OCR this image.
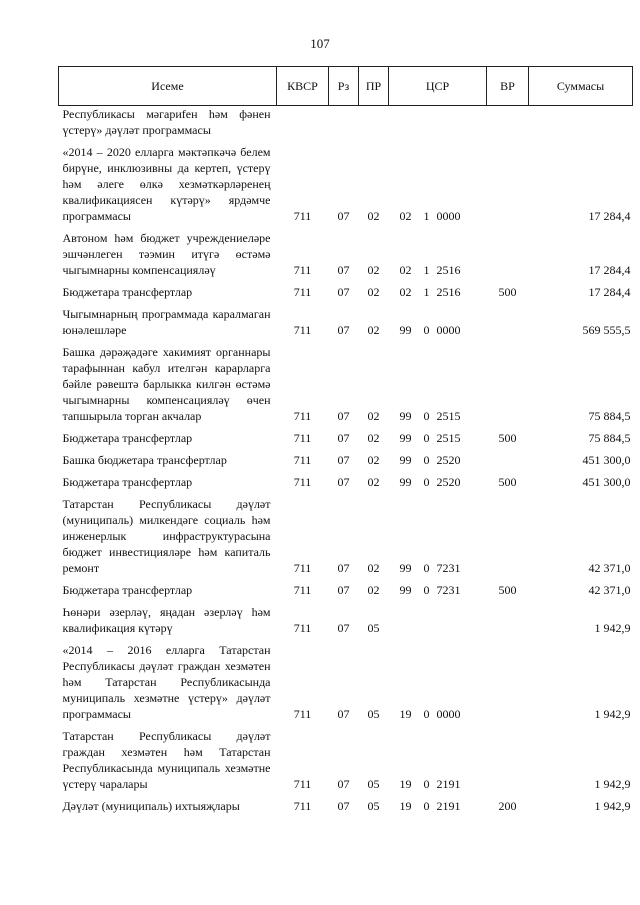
107
Исеме	КВСР	Рз	ПР	ЦСР	ВР	Суммасы
Республикасы мәгариfeн һәм фәнен үстерү» дәүләт программасы				

«2014 – 2020 елларга мәктәпкәчә белем бирүне, инклюзивны да кертеп, үстерү һәм әлеге өлкә хезмәткәрләренең квалификациясен күтәрү» ярдәмче программасы	711	07	02	02 1 0000		17 284,4

Автоном һәм бюджет учреждениеләре эшчәнлеген тәэмин итүгә өстәмә чыгымнарны компенсацияләү	711	07	02	02 1 2516		17 284,4

Бюджетара трансфертлар	711	07	02	02 1 2516	500	17 284,4

Чыгымнарның программада каралмаган юнәлешләре	711	07	02	99 0 0000		569 555,5

Башка дәрәҗәдәге хакимият органнары тарафыннан кабул ителгән карарларга бәйле рәвештә барлыкка килгән өстәмә чыгымнарны компенсацияләү өчен тапшырыла торган акчалар	711	07	02	99 0 2515		75 884,5

Бюджетара трансфертлар	711	07	02	99 0 2515	500	75 884,5

Башка бюджетара трансфертлар	711	07	02	99 0 2520		451 300,0

Бюджетара трансфертлар	711	07	02	99 0 2520	500	451 300,0

Татарстан Республикасы дәүләт (муниципаль) милкендәге социаль һәм инженерлык инфраструктурасына бюджет инвестицияләре һәм капиталь ремонт	711	07	02	99 0 7231		42 371,0

Бюджетара трансфертлар	711	07	02	99 0 7231	500	42 371,0

Һөнәри әзерләү, яңадан әзерләү һәм квалификация күтәрү	711	07	05			1 942,9

«2014 – 2016 елларга Татарстан Республикасы дәүләт граждан хезмәтен һәм Татарстан Республикасында муниципаль хезмәтне үстерү» дәүләт программасы	711	07	05	19 0 0000		1 942,9

Татарстан Республикасы дәүләт граждан хезмәтен һәм Татарстан Республикасында муниципаль хезмәтне үстерү чаралары	711	07	05	19 0 2191		1 942,9

Дәүләт (муниципаль) ихтыяҗлары	711	07	05	19 0 2191	200	1 942,9
